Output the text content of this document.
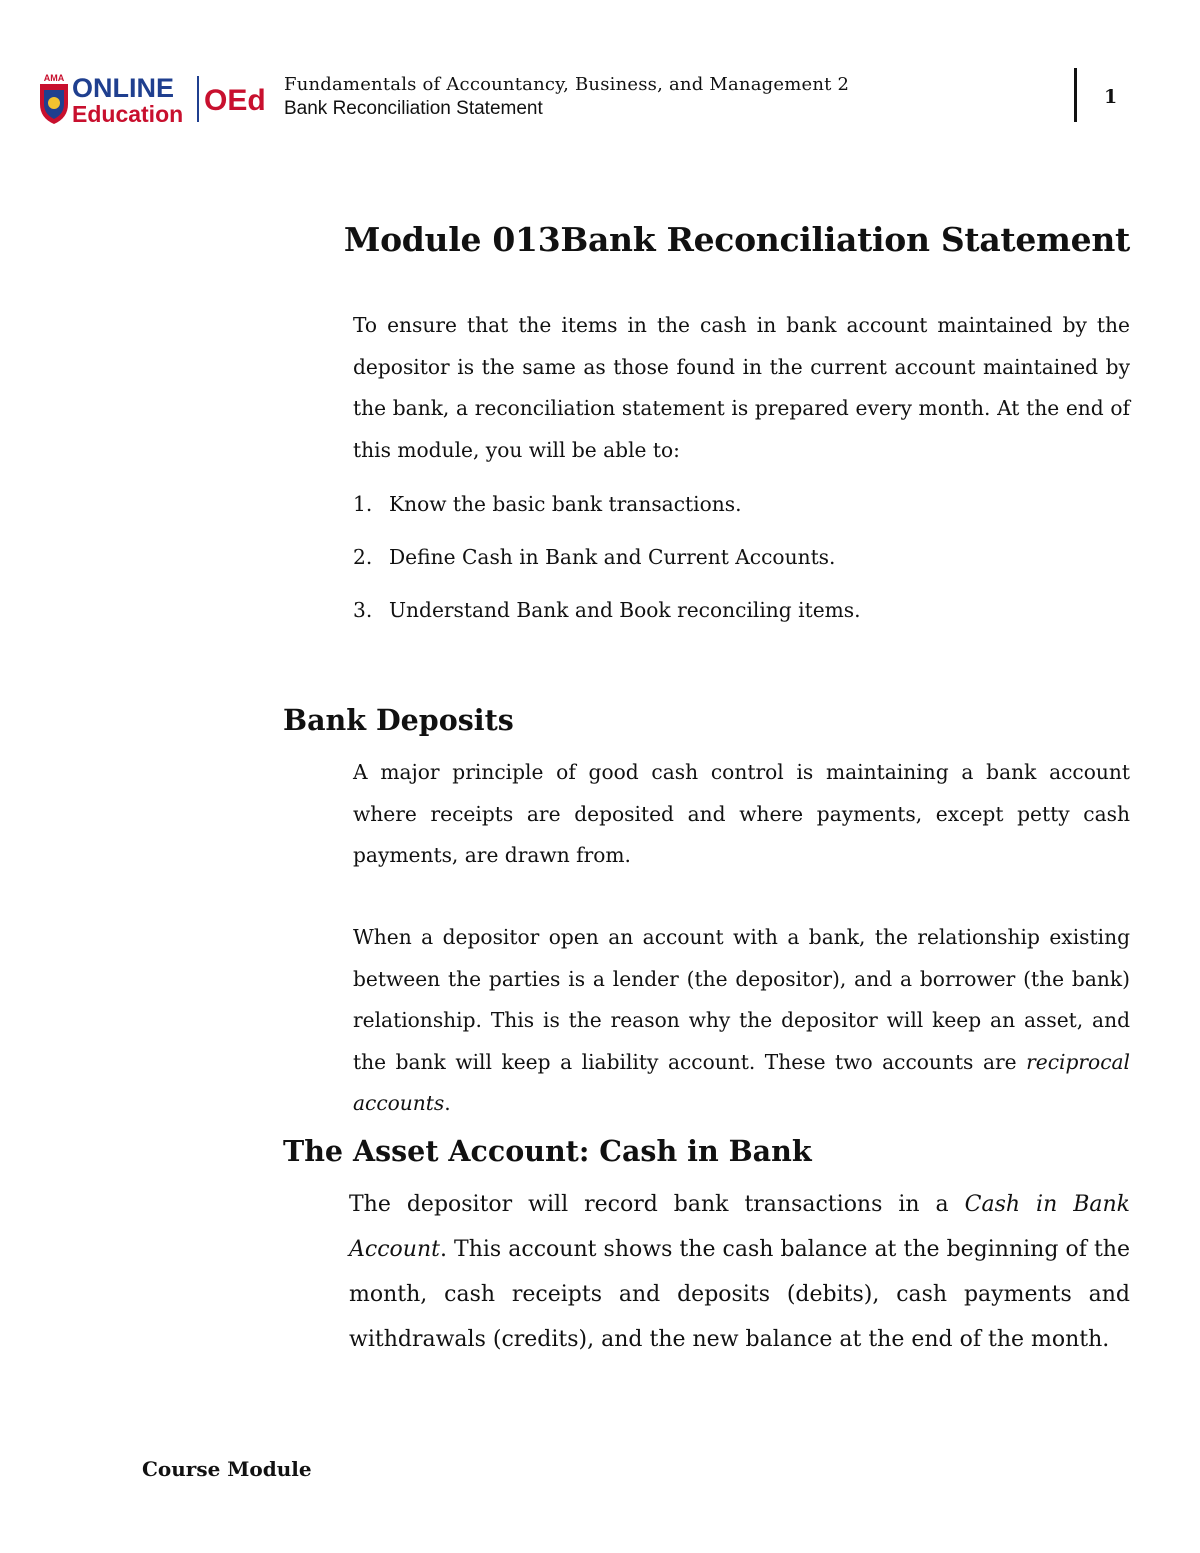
AMA ONLINE
Education OEd Fundamentals of Accountancy, Business, and Management 2
Bank Reconciliation Statement
1
Module 013Bank Reconciliation Statement
To ensure that the items in the cash in bank account maintained by the depositor is the same as those found in the current account maintained by the bank, a reconciliation statement is prepared every month. At the end of this module, you will be able to:
1. Know the basic bank transactions.
2. Define Cash in Bank and Current Accounts.
3. Understand Bank and Book reconciling items.
Bank Deposits
A major principle of good cash control is maintaining a bank account where receipts are deposited and where payments, except petty cash payments, are drawn from.
When a depositor open an account with a bank, the relationship existing between the parties is a lender (the depositor), and a borrower (the bank) relationship. This is the reason why the depositor will keep an asset, and the bank will keep a liability account. These two accounts are reciprocal accounts.
The Asset Account: Cash in Bank
The depositor will record bank transactions in a Cash in Bank Account. This account shows the cash balance at the beginning of the month, cash receipts and deposits (debits), cash payments and withdrawals (credits), and the new balance at the end of the month.
Course Module
